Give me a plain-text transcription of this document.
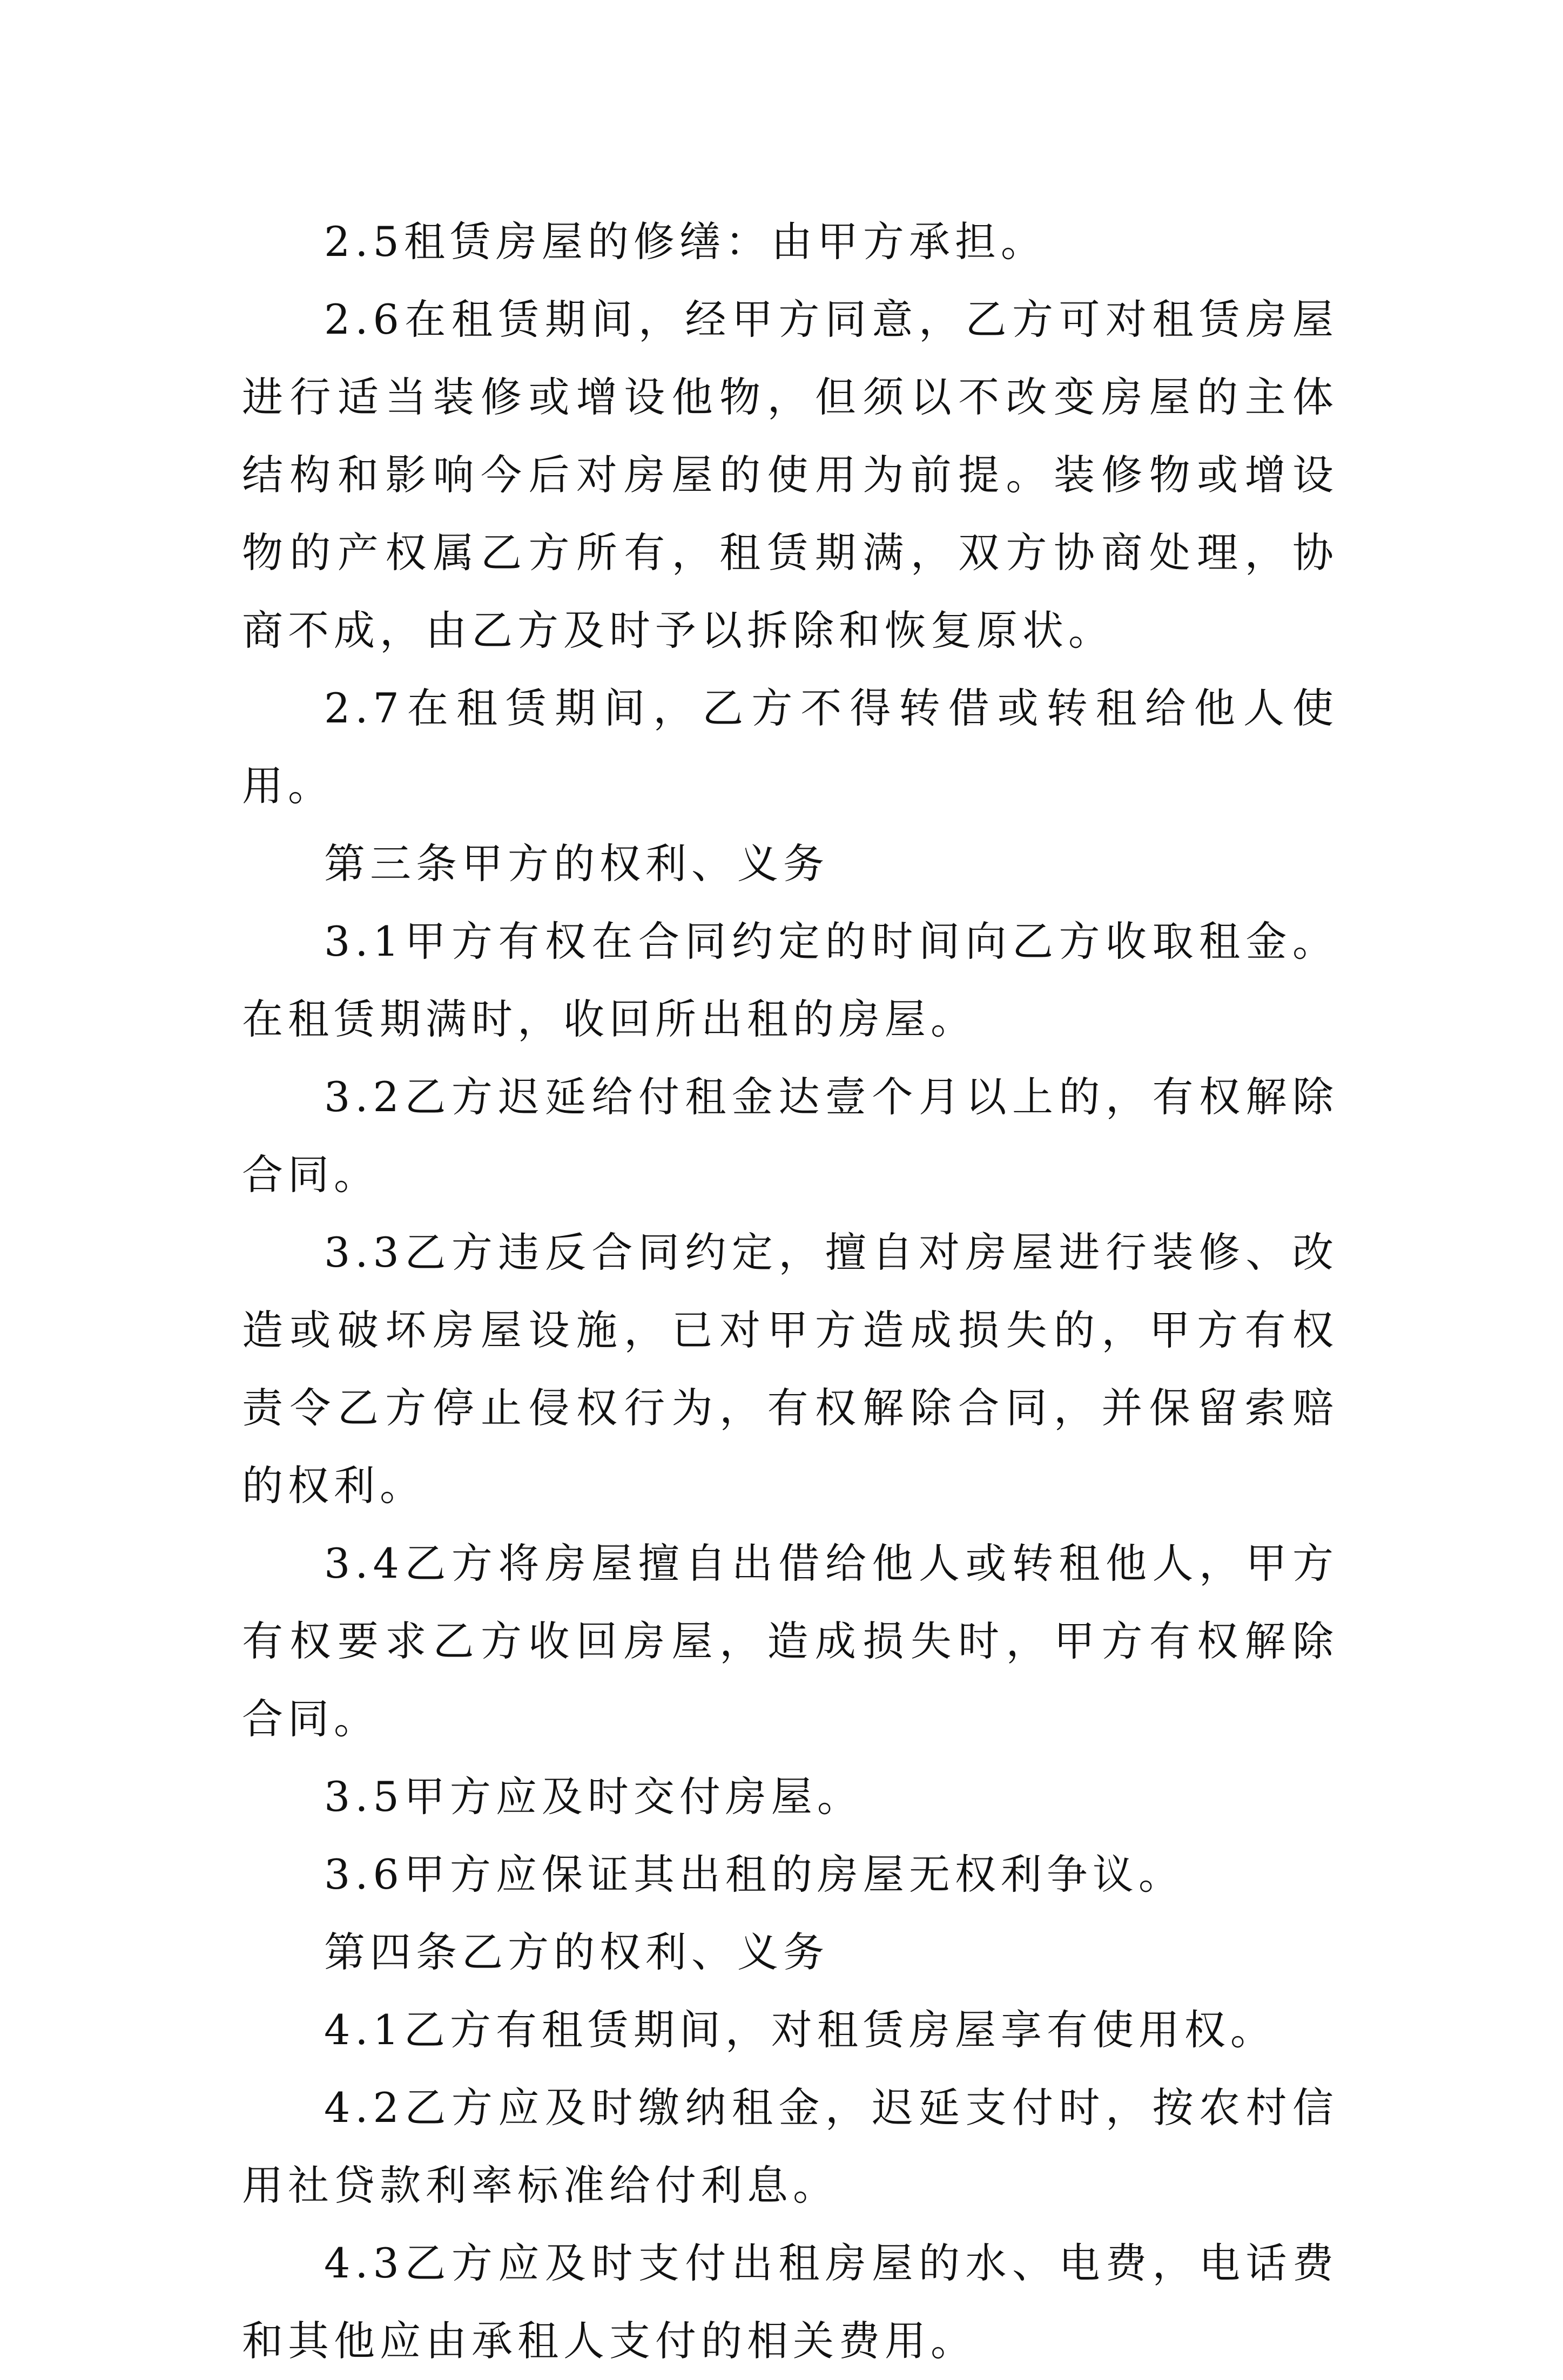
2.5租赁房屋的修缮：由甲方承担。

2.6在租赁期间，经甲方同意，乙方可对租赁房屋进行适当装修或增设他物，但须以不改变房屋的主体结构和影响今后对房屋的使用为前提。装修物或增设物的产权属乙方所有，租赁期满，双方协商处理，协商不成，由乙方及时予以拆除和恢复原状。

2.7在租赁期间，乙方不得转借或转租给他人使用。

第三条甲方的权利、义务

3.1甲方有权在合同约定的时间向乙方收取租金。在租赁期满时，收回所出租的房屋。

3.2乙方迟延给付租金达壹个月以上的，有权解除合同。

3.3乙方违反合同约定，擅自对房屋进行装修、改造或破坏房屋设施，已对甲方造成损失的，甲方有权责令乙方停止侵权行为，有权解除合同，并保留索赔的权利。

3.4乙方将房屋擅自出借给他人或转租他人，甲方有权要求乙方收回房屋，造成损失时，甲方有权解除合同。

3.5甲方应及时交付房屋。

3.6甲方应保证其出租的房屋无权利争议。

第四条乙方的权利、义务

4.1乙方有租赁期间，对租赁房屋享有使用权。

4.2乙方应及时缴纳租金，迟延支付时，按农村信用社贷款利率标准给付利息。

4.3乙方应及时支付出租房屋的水、电费，电话费和其他应由承租人支付的相关费用。
